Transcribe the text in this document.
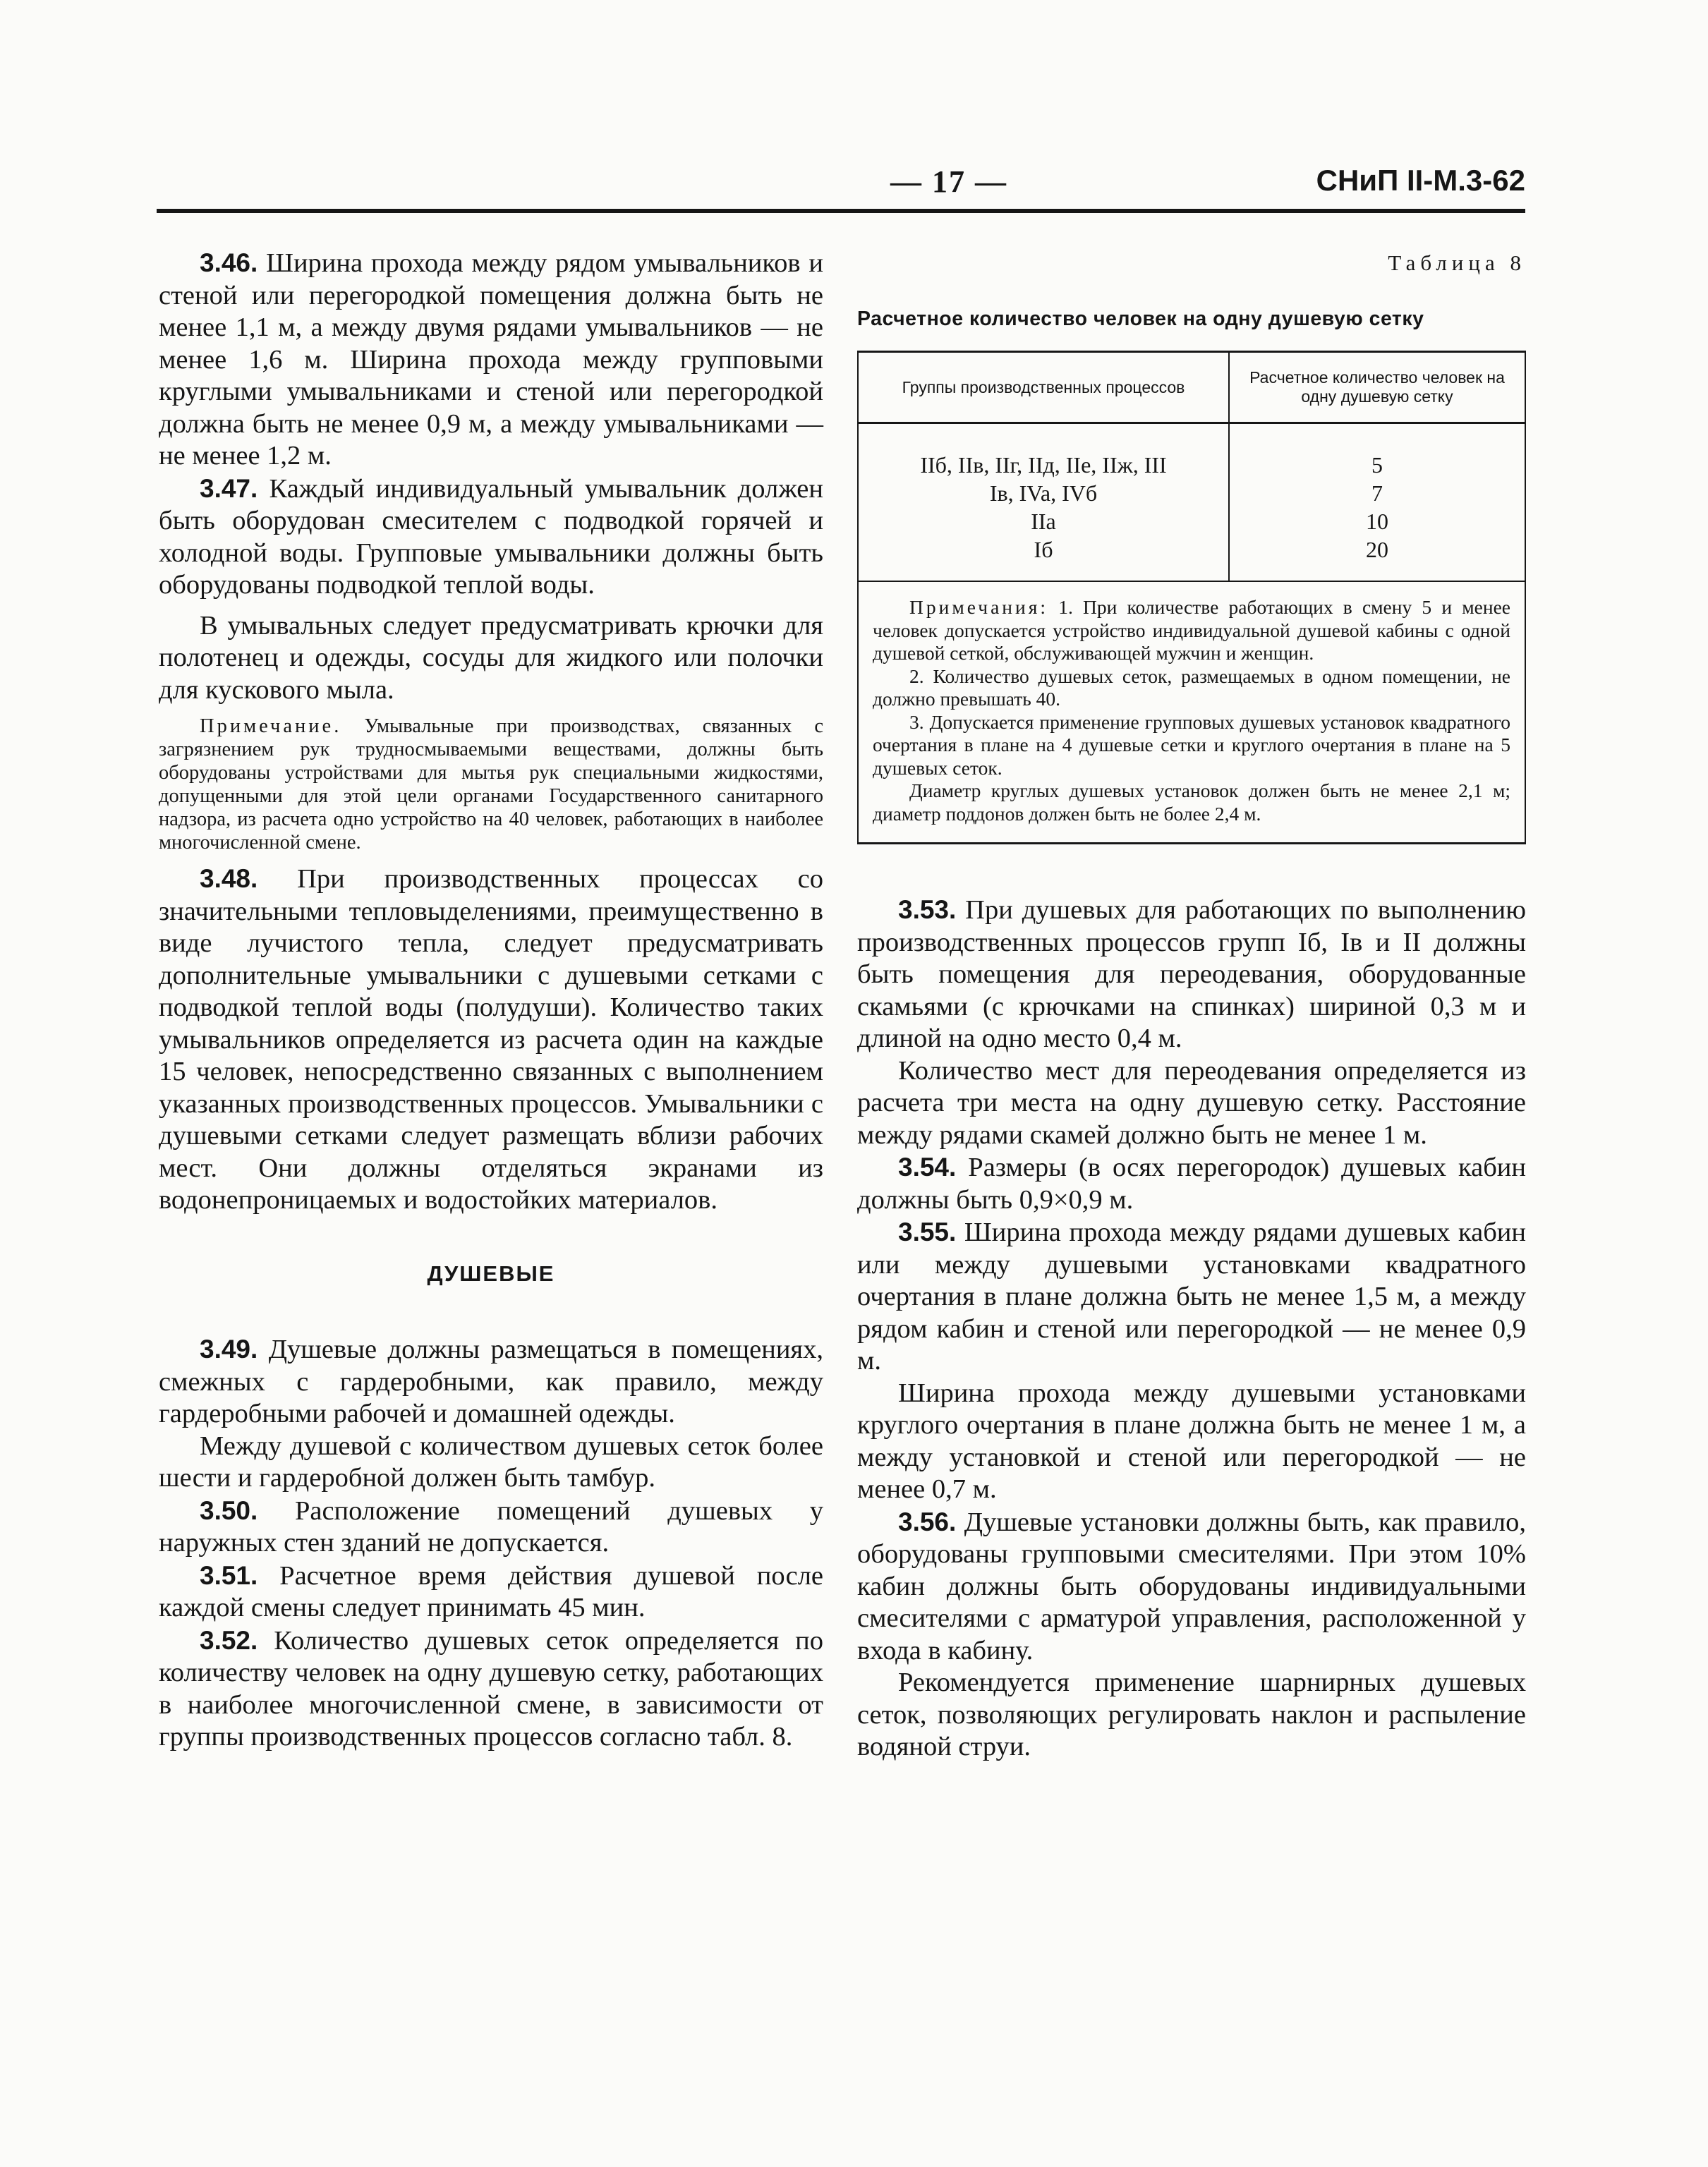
— 17 —	СНиП II-М.3-62

3.46. Ширина прохода между рядом умывальников и стеной или перегородкой помещения должна быть не менее 1,1 м, а между двумя рядами умывальников — не менее 1,6 м. Ширина прохода между групповыми круглыми умывальниками и стеной или перегородкой должна быть не менее 0,9 м, а между умывальниками — не менее 1,2 м.

3.47. Каждый индивидуальный умывальник должен быть оборудован смесителем с подводкой горячей и холодной воды. Групповые умывальники должны быть оборудованы подводкой теплой воды.

В умывальных следует предусматривать крючки для полотенец и одежды, сосуды для жидкого или полочки для кускового мыла.

Примечание. Умывальные при производствах, связанных с загрязнением рук трудносмываемыми веществами, должны быть оборудованы устройствами для мытья рук специальными жидкостями, допущенными для этой цели органами Государственного санитарного надзора, из расчета одно устройство на 40 человек, работающих в наиболее многочисленной смене.

3.48. При производственных процессах со значительными тепловыделениями, преимущественно в виде лучистого тепла, следует предусматривать дополнительные умывальники с душевыми сетками с подводкой теплой воды (полудуши). Количество таких умывальников определяется из расчета один на каждые 15 человек, непосредственно связанных с выполнением указанных производственных процессов. Умывальники с душевыми сетками следует размещать вблизи рабочих мест. Они должны отделяться экранами из водонепроницаемых и водостойких материалов.

ДУШЕВЫЕ

3.49. Душевые должны размещаться в помещениях, смежных с гардеробными, как правило, между гардеробными рабочей и домашней одежды.

Между душевой с количеством душевых сеток более шести и гардеробной должен быть тамбур.

3.50. Расположение помещений душевых у наружных стен зданий не допускается.

3.51. Расчетное время действия душевой после каждой смены следует принимать 45 мин.

3.52. Количество душевых сеток определяется по количеству человек на одну душевую сетку, работающих в наиболее многочисленной смене, в зависимости от группы производственных процессов согласно табл. 8.

Таблица 8
Расчетное количество человек на одну душевую сетку
Группы производственных процессов	Расчетное количество человек на одну душевую сетку
IIб, IIв, IIг, IIд, IIе, IIж, III	5
Iв, IVa, IVб	7
IIа	10
Iб	20

Примечания: 1. При количестве работающих в смену 5 и менее человек допускается устройство индивидуальной душевой кабины с одной душевой сеткой, обслуживающей мужчин и женщин.

2. Количество душевых сеток, размещаемых в одном помещении, не должно превышать 40.

3. Допускается применение групповых душевых установок квадратного очертания в плане на 4 душевые сетки и круглого очертания в плане на 5 душевых сеток.

Диаметр круглых душевых установок должен быть не менее 2,1 м; диаметр поддонов должен быть не более 2,4 м.

3.53. При душевых для работающих по выполнению производственных процессов групп Iб, Iв и II должны быть помещения для переодевания, оборудованные скамьями (с крючками на спинках) шириной 0,3 м и длиной на одно место 0,4 м.

Количество мест для переодевания определяется из расчета три места на одну душевую сетку. Расстояние между рядами скамей должно быть не менее 1 м.

3.54. Размеры (в осях перегородок) душевых кабин должны быть 0,9×0,9 м.

3.55. Ширина прохода между рядами душевых кабин или между душевыми установками квадратного очертания в плане должна быть не менее 1,5 м, а между рядом кабин и стеной или перегородкой — не менее 0,9 м.

Ширина прохода между душевыми установками круглого очертания в плане должна быть не менее 1 м, а между установкой и стеной или перегородкой — не менее 0,7 м.

3.56. Душевые установки должны быть, как правило, оборудованы групповыми смесителями. При этом 10% кабин должны быть оборудованы индивидуальными смесителями с арматурой управления, расположенной у входа в кабину.

Рекомендуется применение шарнирных душевых сеток, позволяющих регулировать наклон и распыление водяной струи.
